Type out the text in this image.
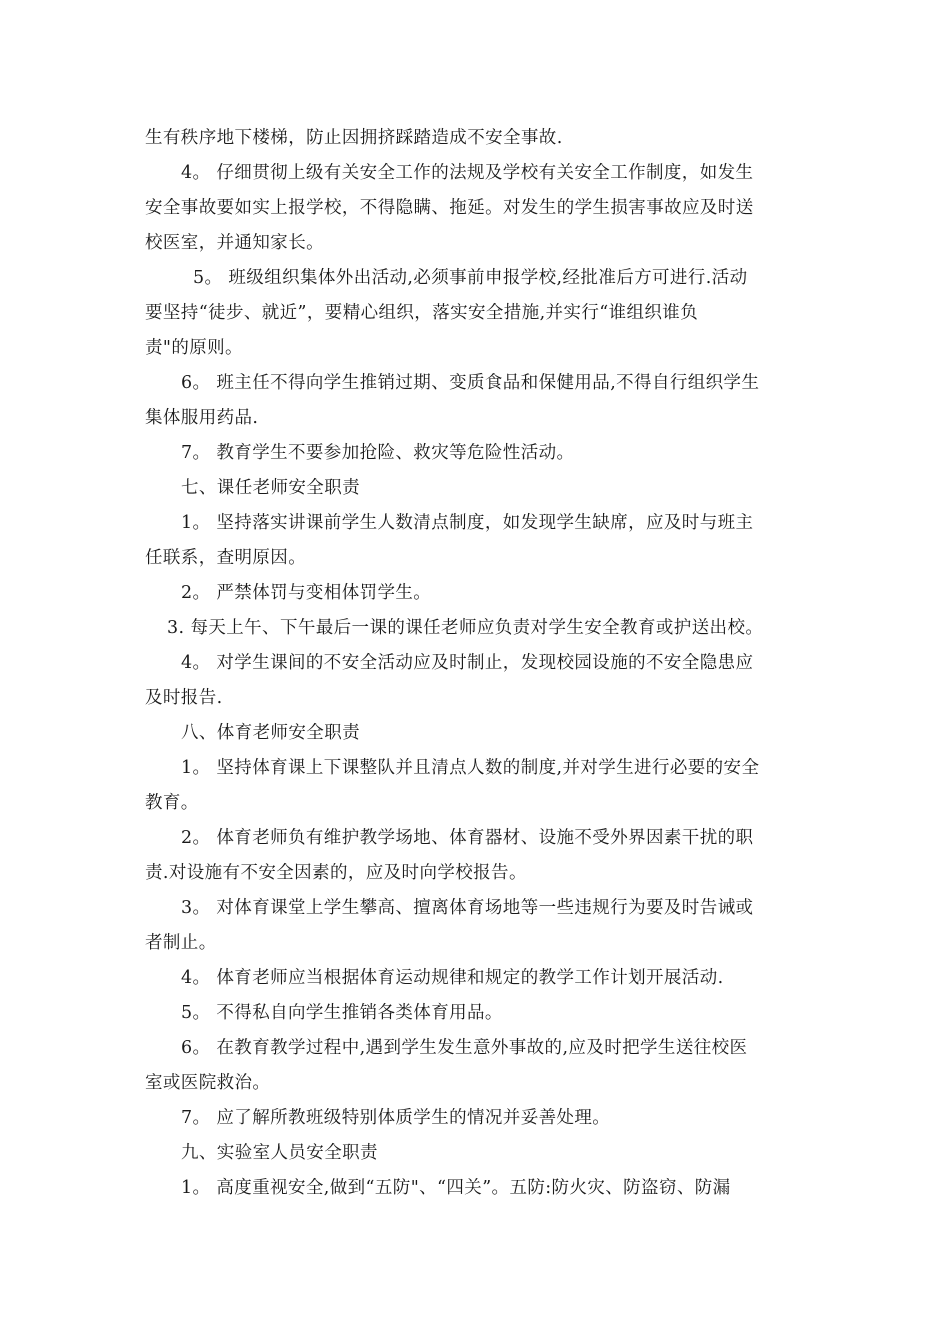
生有秩序地下楼梯，防止因拥挤踩踏造成不安全事故.
4。 仔细贯彻上级有关安全工作的法规及学校有关安全工作制度，如发生
安全事故要如实上报学校，不得隐瞒、拖延。对发生的学生损害事故应及时送
校医室，并通知家长。
5。 班级组织集体外出活动,必须事前申报学校,经批准后方可进行.活动
要坚持“徒步、就近”，要精心组织，落实安全措施,并实行“谁组织谁负
责"的原则。
6。 班主任不得向学生推销过期、变质食品和保健用品,不得自行组织学生
集体服用药品.
7。 教育学生不要参加抢险、救灾等危险性活动。
七、课任老师安全职责
1。 坚持落实讲课前学生人数清点制度，如发现学生缺席，应及时与班主
任联系，查明原因。
2。 严禁体罚与变相体罚学生。
3. 每天上午、下午最后一课的课任老师应负责对学生安全教育或护送出校。
4。 对学生课间的不安全活动应及时制止，发现校园设施的不安全隐患应
及时报告.
八、体育老师安全职责
1。 坚持体育课上下课整队并且清点人数的制度,并对学生进行必要的安全
教育。
2。 体育老师负有维护教学场地、体育器材、设施不受外界因素干扰的职
责.对设施有不安全因素的，应及时向学校报告。
3。 对体育课堂上学生攀高、擅离体育场地等一些违规行为要及时告诫或
者制止。
4。 体育老师应当根据体育运动规律和规定的教学工作计划开展活动.
5。 不得私自向学生推销各类体育用品。
6。 在教育教学过程中,遇到学生发生意外事故的,应及时把学生送往校医
室或医院救治。
7。 应了解所教班级特别体质学生的情况并妥善处理。
九、实验室人员安全职责
1。 高度重视安全,做到“五防"、“四关”。五防:防火灾、防盗窃、防漏
